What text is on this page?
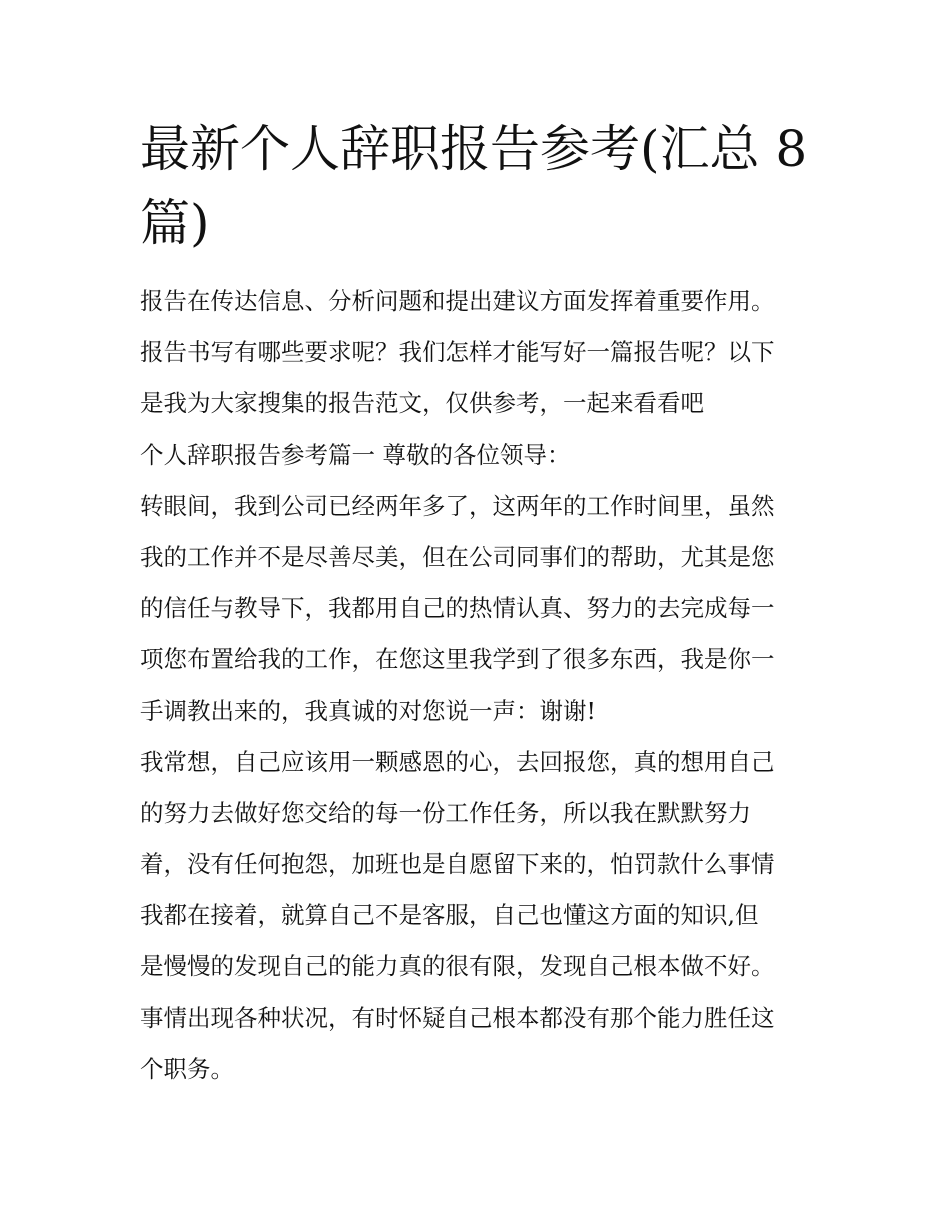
最新个人辞职报告参考(汇总 8
篇)
报告在传达信息、分析问题和提出建议方面发挥着重要作用。
报告书写有哪些要求呢？我们怎样才能写好一篇报告呢？以下
是我为大家搜集的报告范文，仅供参考，一起来看看吧
个人辞职报告参考篇一 尊敬的各位领导：
转眼间，我到公司已经两年多了，这两年的工作时间里，虽然
我的工作并不是尽善尽美，但在公司同事们的帮助，尤其是您
的信任与教导下，我都用自己的热情认真、努力的去完成每一
项您布置给我的工作，在您这里我学到了很多东西，我是你一
手调教出来的，我真诚的对您说一声：谢谢!
我常想，自己应该用一颗感恩的心，去回报您，真的想用自己
的努力去做好您交给的每一份工作任务，所以我在默默努力
着，没有任何抱怨，加班也是自愿留下来的，怕罚款什么事情
我都在接着，就算自己不是客服，自己也懂这方面的知识,但
是慢慢的发现自己的能力真的很有限，发现自己根本做不好。
事情出现各种状况，有时怀疑自己根本都没有那个能力胜任这
个职务。
